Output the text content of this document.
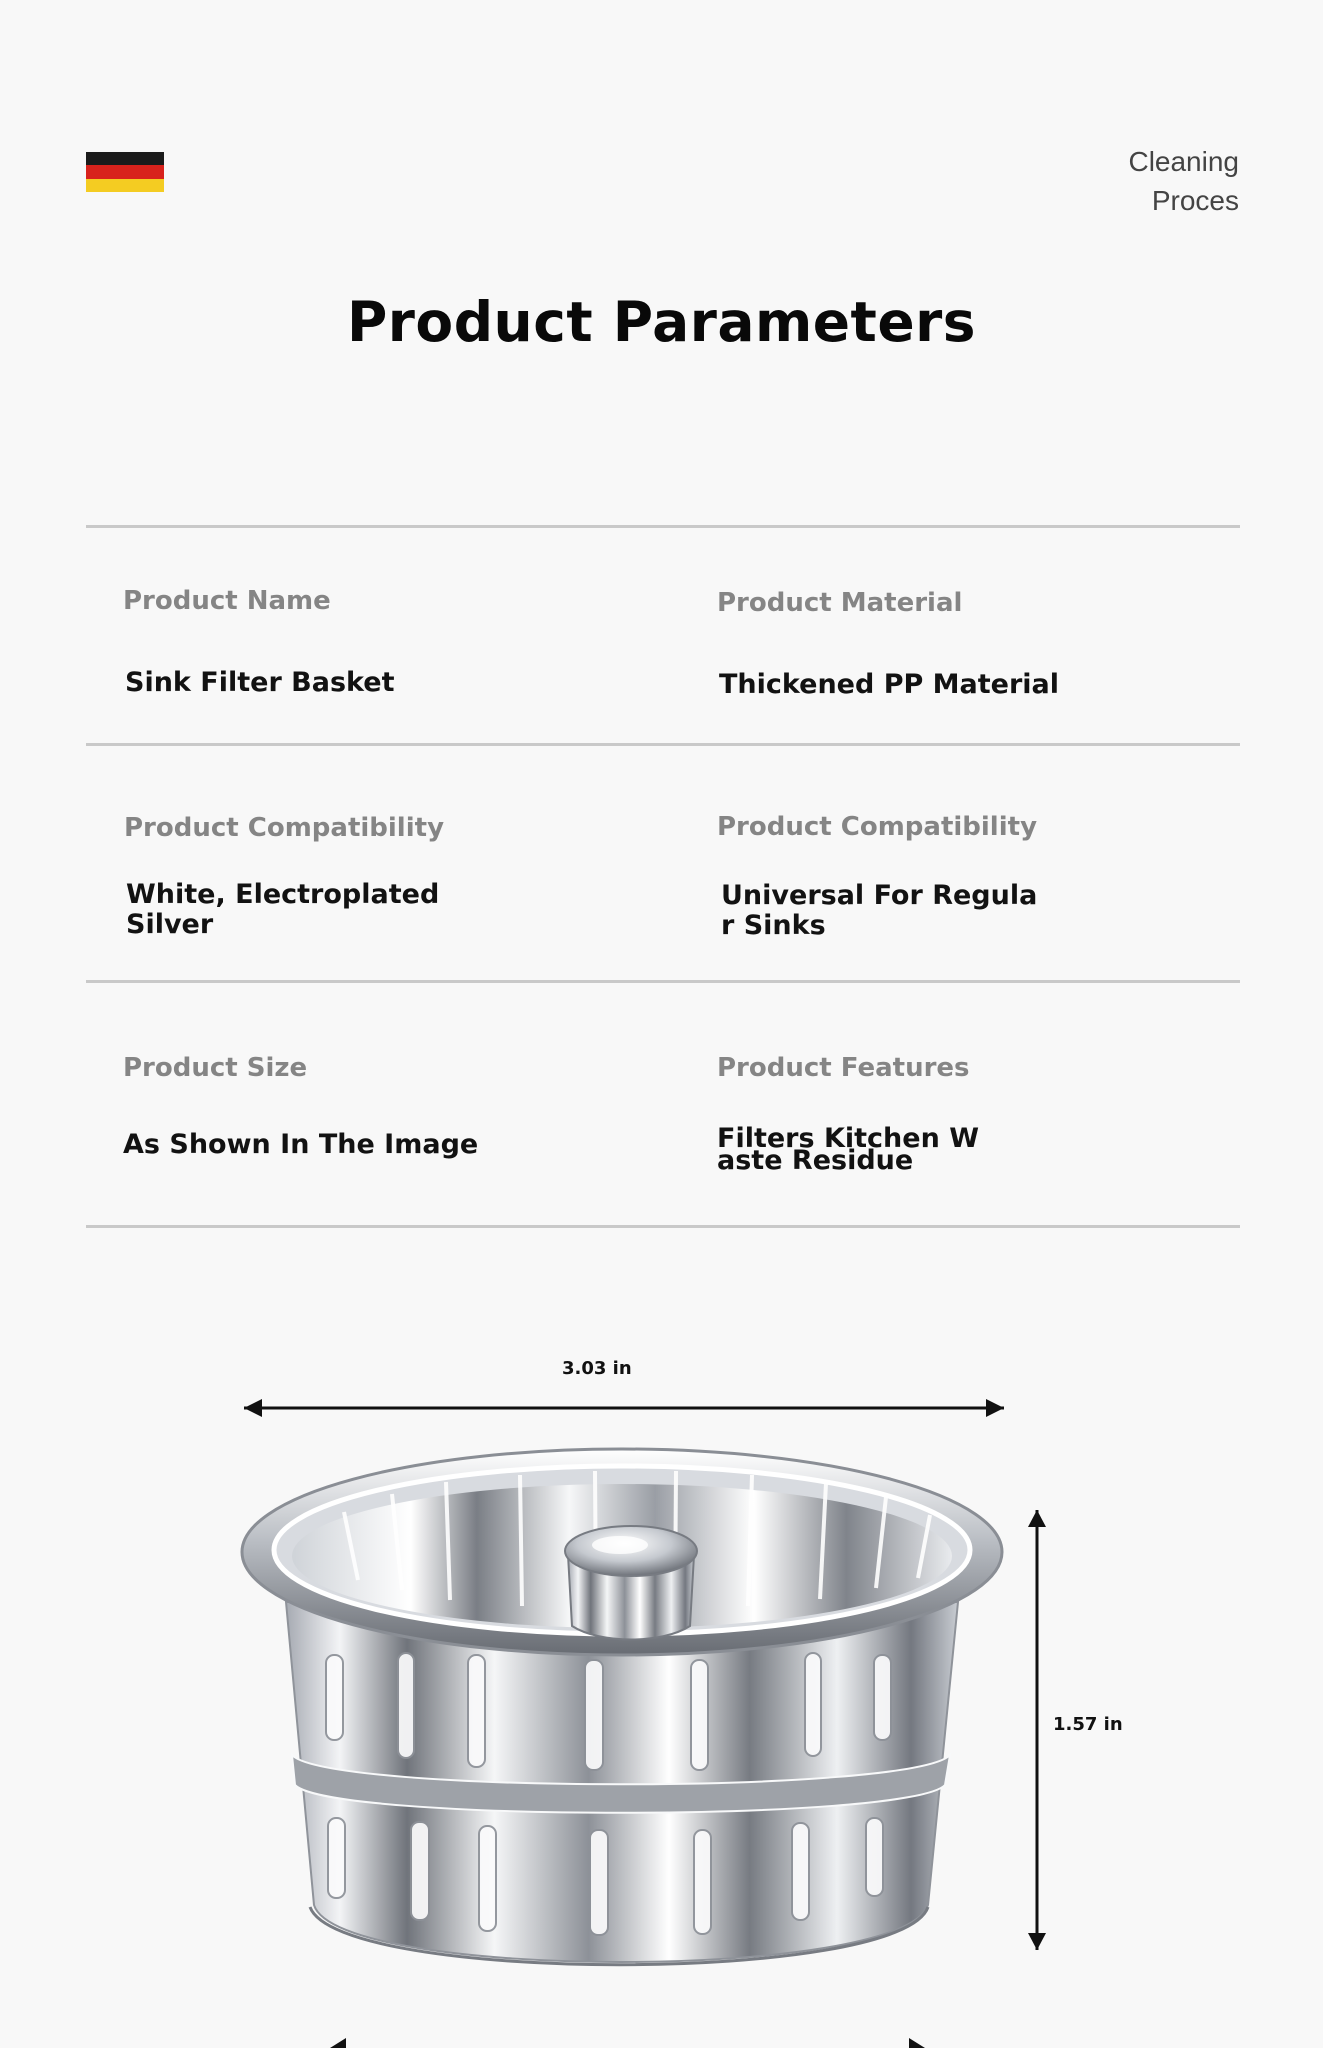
Cleaning
Proces
Product Parameters
Product Name
Sink Filter Basket
Product Material
Thickened PP Material
Product Compatibility
White, Electroplated
Silver
Product Compatibility
Universal For Regula
r Sinks
Product Size
As Shown In The Image
Product Features
Filters Kitchen W
aste Residue
3.03 in
1.57 in
